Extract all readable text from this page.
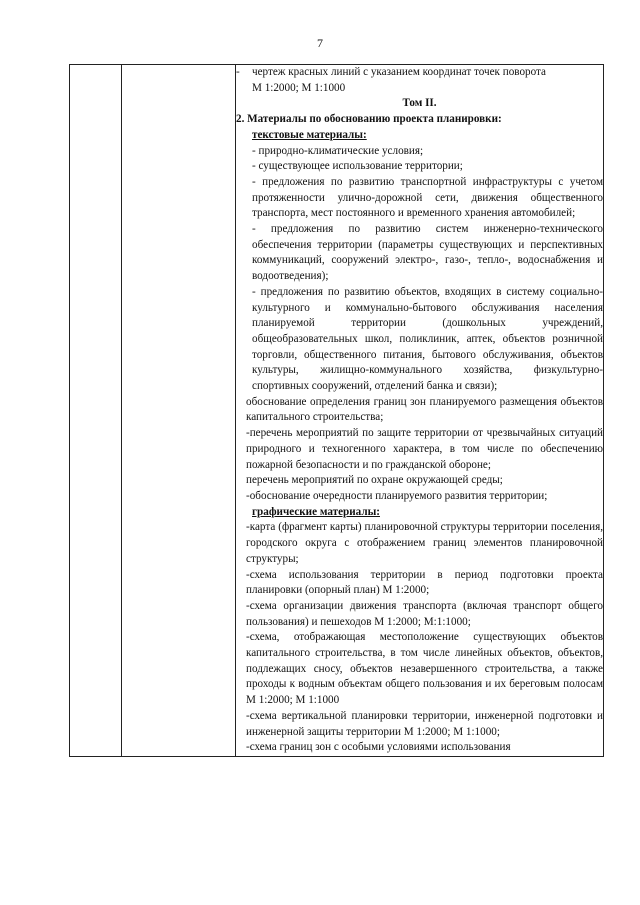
7

-	чертеж красных линий с указанием координат точек поворота

М 1:2000; М 1:1000

Том II.

2. Материалы по обоснованию проекта планировки:

текстовые материалы:

- природно-климатические условия;

- существующее использование территории;

- предложения по развитию транспортной инфраструктуры с учетом протяженности улично-дорожной сети, движения общественного транспорта, мест постоянного и временного хранения автомобилей;

- предложения по развитию систем инженерно-технического обеспечения территории (параметры существующих и перспективных коммуникаций, сооружений электро-, газо-, тепло-, водоснабжения и водоотведения);

- предложения по развитию объектов, входящих в систему социально-культурного и коммунально-бытового обслуживания населения планируемой территории (дошкольных учреждений, общеобразовательных школ, поликлиник, аптек, объектов розничной торговли, общественного питания, бытового обслуживания, объектов культуры, жилищно-коммунального хозяйства, физкультурно-спортивных сооружений, отделений банка и связи);

обоснование определения границ зон планируемого размещения объектов капитального строительства;

-перечень мероприятий по защите территории от чрезвычайных ситуаций природного и техногенного характера, в том числе по обеспечению пожарной безопасности и по гражданской обороне;

перечень мероприятий по охране окружающей среды;

-обоснование очередности планируемого развития территории;

графические материалы:

-карта (фрагмент карты) планировочной структуры территории поселения, городского округа с отображением границ элементов планировочной структуры;

-схема использования территории в период подготовки проекта планировки (опорный план) М 1:2000;

-схема организации движения транспорта (включая транспорт общего пользования) и пешеходов М 1:2000; М:1:1000;

-схема, отображающая местоположение существующих объектов капитального строительства, в том числе линейных объектов, объектов, подлежащих сносу, объектов незавершенного строительства, а также проходы к водным объектам общего пользования и их береговым полосам М 1:2000; М 1:1000

-схема вертикальной планировки территории, инженерной подготовки и инженерной защиты территории М 1:2000; М 1:1000;

-схема границ зон с особыми условиями использования
